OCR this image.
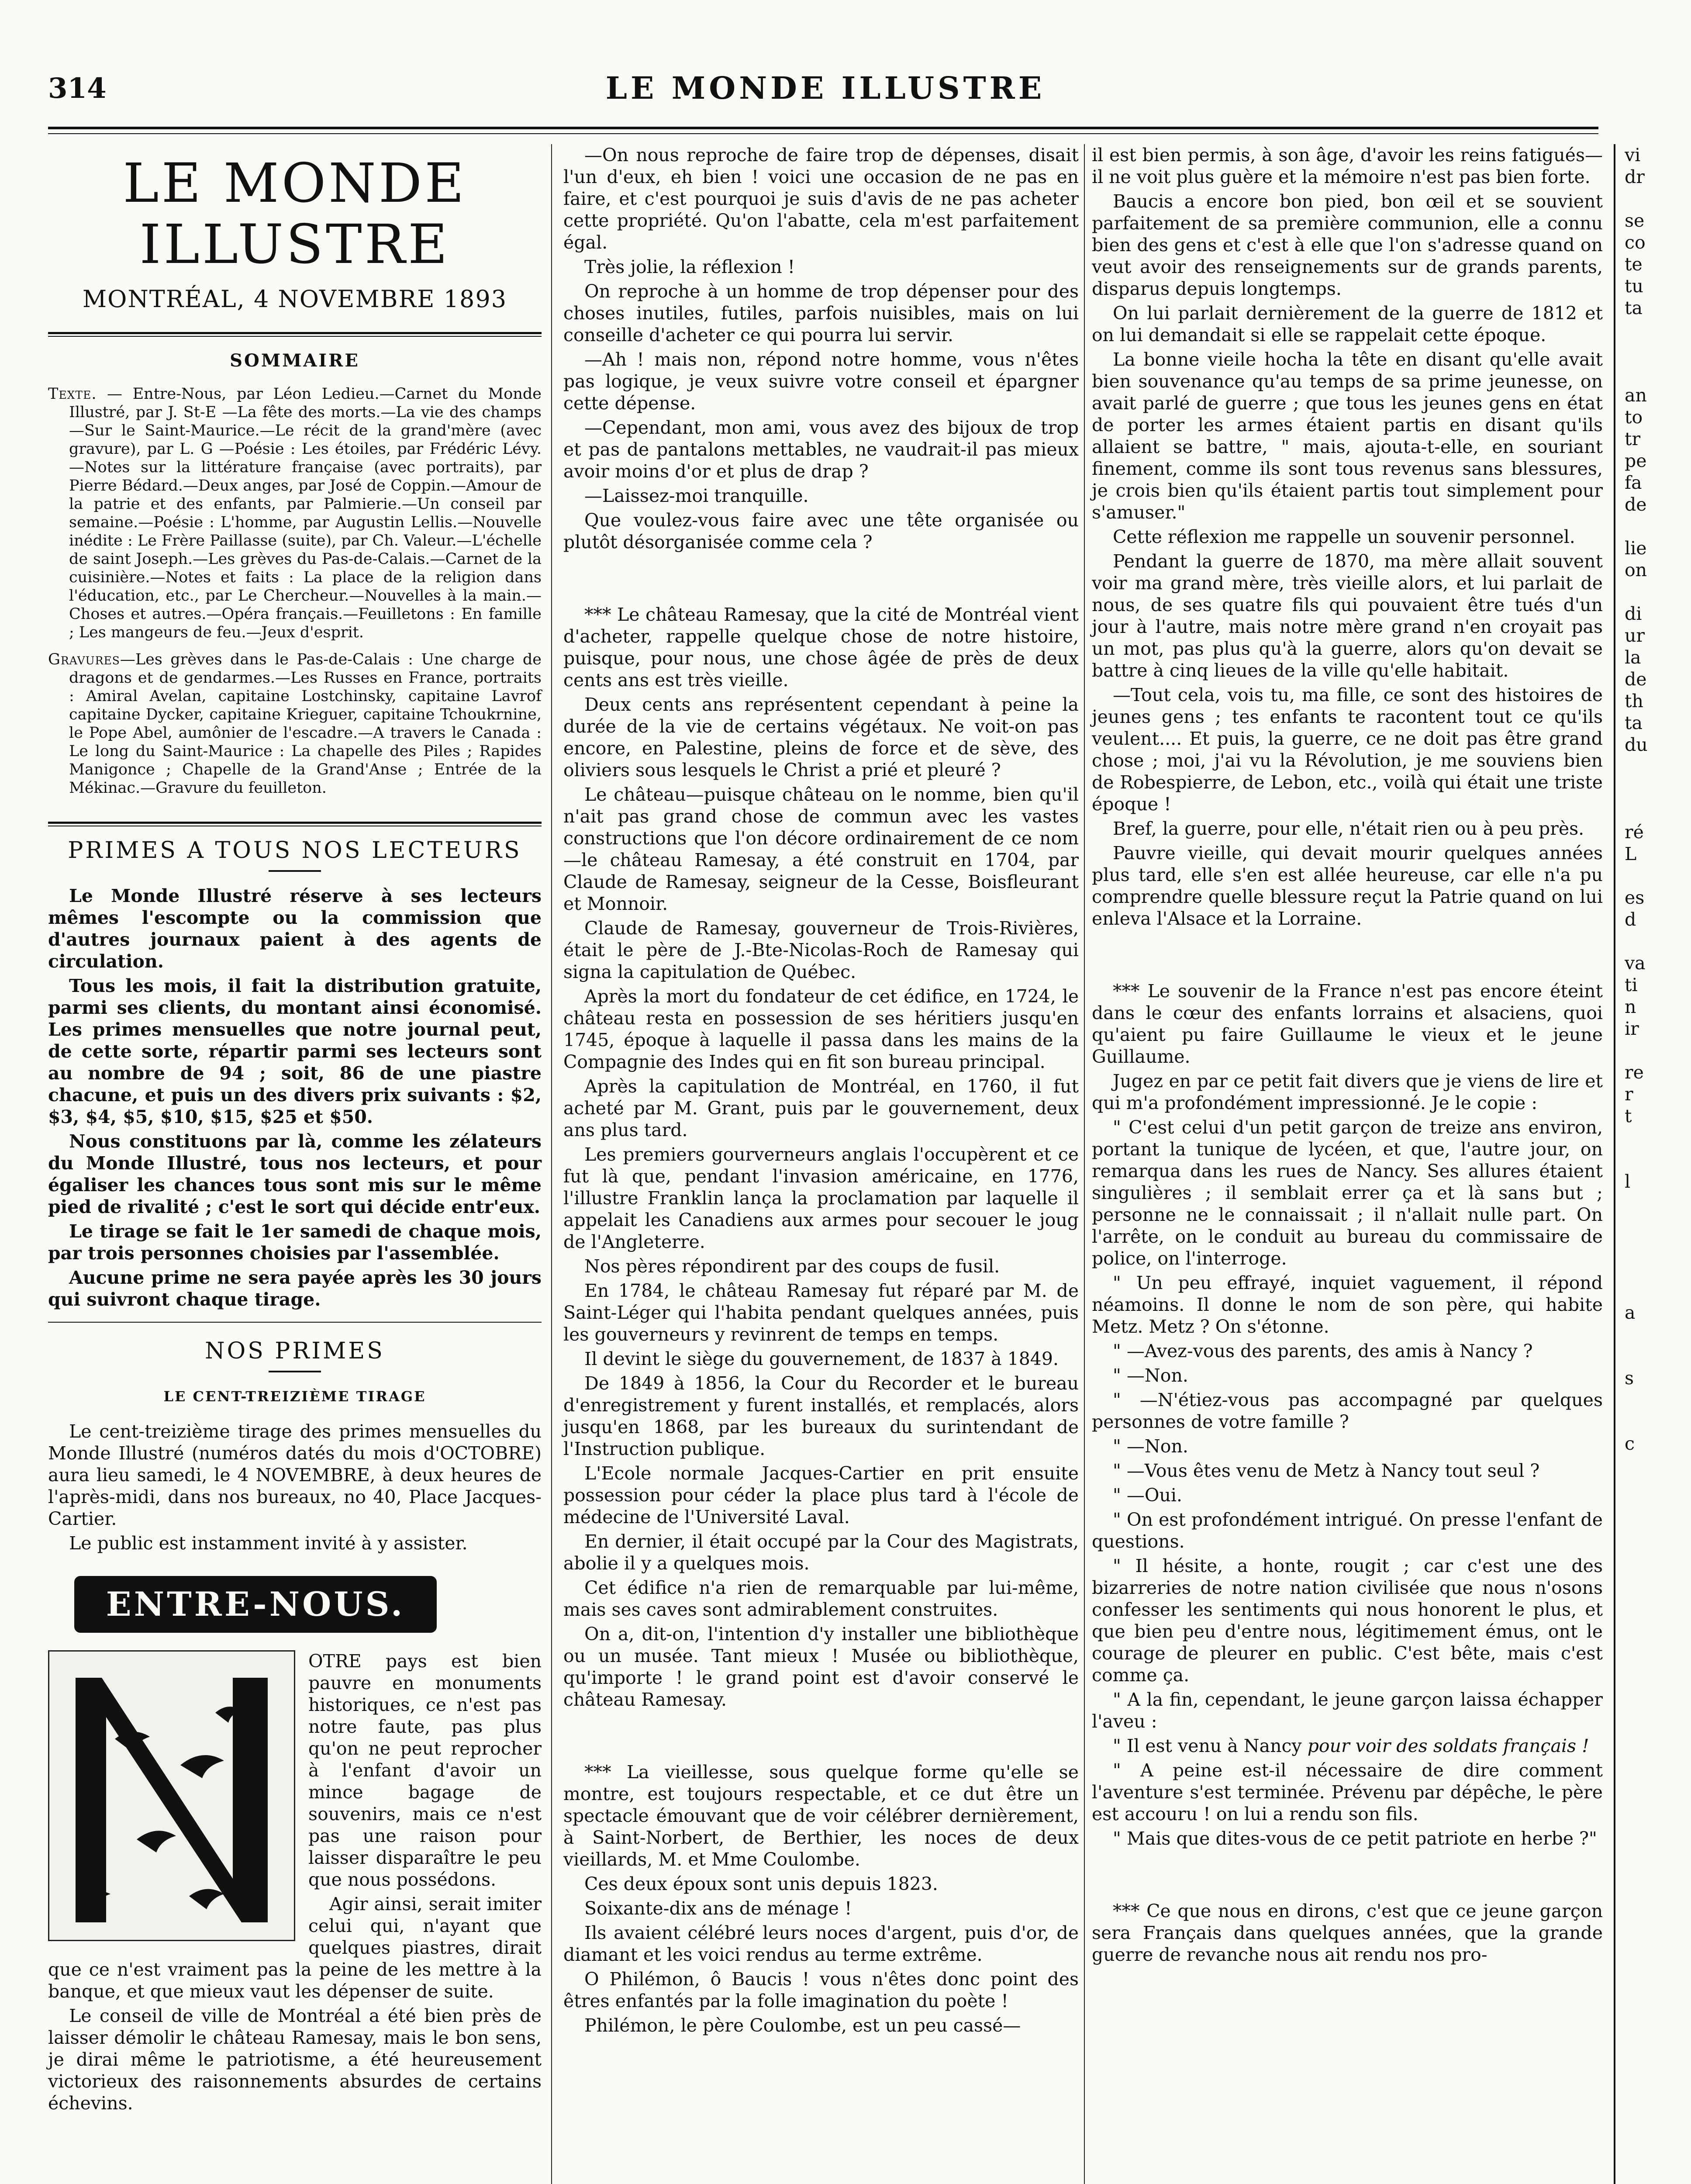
314	LE MONDE ILLUSTRE
LE MONDE ILLUSTRE
MONTRÉAL, 4 NOVEMBRE 1893
SOMMAIRE

Texte. — Entre-Nous, par Léon Ledieu.—Carnet du Monde Illustré, par J. St-E —La fête des morts.—La vie des champs —Sur le Saint-Maurice.—Le récit de la grand'mère (avec gravure), par L. G —Poésie : Les étoiles, par Frédéric Lévy.—Notes sur la littérature française (avec portraits), par Pierre Bédard.—Deux anges, par José de Coppin.—Amour de la patrie et des enfants, par Palmierie.—Un conseil par semaine.—Poésie : L'homme, par Augustin Lellis.—Nouvelle inédite : Le Frère Paillasse (suite), par Ch. Valeur.—L'échelle de saint Joseph.—Les grèves du Pas-de-Calais.—Carnet de la cuisinière.—Notes et faits : La place de la religion dans l'éducation, etc., par Le Chercheur.—Nouvelles à la main.—Choses et autres.—Opéra français.—Feuilletons : En famille ; Les mangeurs de feu.—Jeux d'esprit.

Gravures—Les grèves dans le Pas-de-Calais : Une charge de dragons et de gendarmes.—Les Russes en France, portraits : Amiral Avelan, capitaine Lostchinsky, capitaine Lavrof capitaine Dycker, capitaine Krieguer, capitaine Tchoukrnine, le Pope Abel, aumônier de l'escadre.—A travers le Canada : Le long du Saint-Maurice : La chapelle des Piles ; Rapides Manigonce ; Chapelle de la Grand'Anse ; Entrée de la Mékinac.—Gravure du feuilleton.

PRIMES A TOUS NOS LECTEURS

Le Monde Illustré réserve à ses lecteurs mêmes l'escompte ou la commission que d'autres journaux paient à des agents de circulation.

Tous les mois, il fait la distribution gratuite, parmi ses clients, du montant ainsi économisé. Les primes mensuelles que notre journal peut, de cette sorte, répartir parmi ses lecteurs sont au nombre de 94 ; soit, 86 de une piastre chacune, et puis un des divers prix suivants : $2, $3, $4, $5, $10, $15, $25 et $50.

Nous constituons par là, comme les zélateurs du Monde Illustré, tous nos lecteurs, et pour égaliser les chances tous sont mis sur le même pied de rivalité ; c'est le sort qui décide entr'eux.

Le tirage se fait le 1er samedi de chaque mois, par trois personnes choisies par l'assemblée.

Aucune prime ne sera payée après les 30 jours qui suivront chaque tirage.

NOS PRIMES
LE CENT-TREIZIÈME TIRAGE

Le cent-treizième tirage des primes mensuelles du Monde Illustré (numéros datés du mois d'OCTOBRE) aura lieu samedi, le 4 NOVEMBRE, à deux heures de l'après-midi, dans nos bureaux, no 40, Place Jacques-Cartier.

Le public est instamment invité à y assister.

ENTRE-NOUS.

OTRE pays est bien pauvre en monuments historiques, ce n'est pas notre faute, pas plus qu'on ne peut reprocher à l'enfant d'avoir un mince bagage de souvenirs, mais ce n'est pas une raison pour laisser disparaître le peu que nous possédons.

Agir ainsi, serait imiter celui qui, n'ayant que quelques piastres, dirait que ce n'est vraiment pas la peine de les mettre à la banque, et que mieux vaut les dépenser de suite.

Le conseil de ville de Montréal a été bien près de laisser démolir le château Ramesay, mais le bon sens, je dirai même le patriotisme, a été heureusement victorieux des raisonnements absurdes de certains échevins.

—On nous reproche de faire trop de dépenses, disait l'un d'eux, eh bien ! voici une occasion de ne pas en faire, et c'est pourquoi je suis d'avis de ne pas acheter cette propriété. Qu'on l'abatte, cela m'est parfaitement égal.

Très jolie, la réflexion !

On reproche à un homme de trop dépenser pour des choses inutiles, futiles, parfois nuisibles, mais on lui conseille d'acheter ce qui pourra lui servir.

—Ah ! mais non, répond notre homme, vous n'êtes pas logique, je veux suivre votre conseil et épargner cette dépense.

—Cependant, mon ami, vous avez des bijoux de trop et pas de pantalons mettables, ne vaudrait-il pas mieux avoir moins d'or et plus de drap ?

—Laissez-moi tranquille.

Que voulez-vous faire avec une tête organisée ou plutôt désorganisée comme cela ?

*** Le château Ramesay, que la cité de Montréal vient d'acheter, rappelle quelque chose de notre histoire, puisque, pour nous, une chose âgée de près de deux cents ans est très vieille.

Deux cents ans représentent cependant à peine la durée de la vie de certains végétaux. Ne voit-on pas encore, en Palestine, pleins de force et de sève, des oliviers sous lesquels le Christ a prié et pleuré ?

Le château—puisque château on le nomme, bien qu'il n'ait pas grand chose de commun avec les vastes constructions que l'on décore ordinairement de ce nom—le château Ramesay, a été construit en 1704, par Claude de Ramesay, seigneur de la Cesse, Boisfleurant et Monnoir.

Claude de Ramesay, gouverneur de Trois-Rivières, était le père de J.-Bte-Nicolas-Roch de Ramesay qui signa la capitulation de Québec.

Après la mort du fondateur de cet édifice, en 1724, le château resta en possession de ses héritiers jusqu'en 1745, époque à laquelle il passa dans les mains de la Compagnie des Indes qui en fit son bureau principal.

Après la capitulation de Montréal, en 1760, il fut acheté par M. Grant, puis par le gouvernement, deux ans plus tard.

Les premiers gourverneurs anglais l'occupèrent et ce fut là que, pendant l'invasion américaine, en 1776, l'illustre Franklin lança la proclamation par laquelle il appelait les Canadiens aux armes pour secouer le joug de l'Angleterre.

Nos pères répondirent par des coups de fusil.

En 1784, le château Ramesay fut réparé par M. de Saint-Léger qui l'habita pendant quelques années, puis les gouverneurs y revinrent de temps en temps.

Il devint le siège du gouvernement, de 1837 à 1849.

De 1849 à 1856, la Cour du Recorder et le bureau d'enregistrement y furent installés, et remplacés, alors jusqu'en 1868, par les bureaux du surintendant de l'Instruction publique.

L'Ecole normale Jacques-Cartier en prit ensuite possession pour céder la place plus tard à l'école de médecine de l'Université Laval.

En dernier, il était occupé par la Cour des Magistrats, abolie il y a quelques mois.

Cet édifice n'a rien de remarquable par lui-même, mais ses caves sont admirablement construites.

On a, dit-on, l'intention d'y installer une bibliothèque ou un musée. Tant mieux ! Musée ou bibliothèque, qu'importe ! le grand point est d'avoir conservé le château Ramesay.

*** La vieillesse, sous quelque forme qu'elle se montre, est toujours respectable, et ce dut être un spectacle émouvant que de voir célébrer dernièrement, à Saint-Norbert, de Berthier, les noces de deux vieillards, M. et Mme Coulombe.

Ces deux époux sont unis depuis 1823.

Soixante-dix ans de ménage !

Ils avaient célébré leurs noces d'argent, puis d'or, de diamant et les voici rendus au terme extrême.

O Philémon, ô Baucis ! vous n'êtes donc point des êtres enfantés par la folle imagination du poète !

Philémon, le père Coulombe, est un peu cassé—

il est bien permis, à son âge, d'avoir les reins fatigués—il ne voit plus guère et la mémoire n'est pas bien forte.

Baucis a encore bon pied, bon œil et se souvient parfaitement de sa première communion, elle a connu bien des gens et c'est à elle que l'on s'adresse quand on veut avoir des renseignements sur de grands parents, disparus depuis longtemps.

On lui parlait dernièrement de la guerre de 1812 et on lui demandait si elle se rappelait cette époque.

La bonne vieile hocha la tête en disant qu'elle avait bien souvenance qu'au temps de sa prime jeunesse, on avait parlé de guerre ; que tous les jeunes gens en état de porter les armes étaient partis en disant qu'ils allaient se battre, " mais, ajouta-t-elle, en souriant finement, comme ils sont tous revenus sans blessures, je crois bien qu'ils étaient partis tout simplement pour s'amuser."

Cette réflexion me rappelle un souvenir personnel.

Pendant la guerre de 1870, ma mère allait souvent voir ma grand mère, très vieille alors, et lui parlait de nous, de ses quatre fils qui pouvaient être tués d'un jour à l'autre, mais notre mère grand n'en croyait pas un mot, pas plus qu'à la guerre, alors qu'on devait se battre à cinq lieues de la ville qu'elle habitait.

—Tout cela, vois tu, ma fille, ce sont des histoires de jeunes gens ; tes enfants te racontent tout ce qu'ils veulent.... Et puis, la guerre, ce ne doit pas être grand chose ; moi, j'ai vu la Révolution, je me souviens bien de Robespierre, de Lebon, etc., voilà qui était une triste époque !

Bref, la guerre, pour elle, n'était rien ou à peu près.

Pauvre vieille, qui devait mourir quelques années plus tard, elle s'en est allée heureuse, car elle n'a pu comprendre quelle blessure reçut la Patrie quand on lui enleva l'Alsace et la Lorraine.

*** Le souvenir de la France n'est pas encore éteint dans le cœur des enfants lorrains et alsaciens, quoi qu'aient pu faire Guillaume le vieux et le jeune Guillaume.

Jugez en par ce petit fait divers que je viens de lire et qui m'a profondément impressionné. Je le copie :

" C'est celui d'un petit garçon de treize ans environ, portant la tunique de lycéen, et que, l'autre jour, on remarqua dans les rues de Nancy. Ses allures étaient singulières ; il semblait errer ça et là sans but ; personne ne le connaissait ; il n'allait nulle part. On l'arrête, on le conduit au bureau du commissaire de police, on l'interroge.

" Un peu effrayé, inquiet vaguement, il répond néamoins. Il donne le nom de son père, qui habite Metz. Metz ? On s'étonne.

" —Avez-vous des parents, des amis à Nancy ?

" —Non.

" —N'étiez-vous pas accompagné par quelques personnes de votre famille ?

" —Non.

" —Vous êtes venu de Metz à Nancy tout seul ?

" —Oui.

" On est profondément intrigué. On presse l'enfant de questions.

" Il hésite, a honte, rougit ; car c'est une des bizarreries de notre nation civilisée que nous n'osons confesser les sentiments qui nous honorent le plus, et que bien peu d'entre nous, légitimement émus, ont le courage de pleurer en public. C'est bête, mais c'est comme ça.

" A la fin, cependant, le jeune garçon laissa échapper l'aveu :

" Il est venu à Nancy pour voir des soldats français !

" A peine est-il nécessaire de dire comment l'aventure s'est terminée. Prévenu par dépêche, le père est accouru ! on lui a rendu son fils.

" Mais que dites-vous de ce petit patriote en herbe ?"

*** Ce que nous en dirons, c'est que ce jeune garçon sera Français dans quelques années, que la grande guerre de revanche nous ait rendu nos pro-

vi
dr
se
co
te
tu
ta
an
to
tr
pe
fa
de
lie
on
di
ur
la
de
th
ta
du
ré
L
es
d
va
ti
n
ir
re
r
t
l
a
s
c
